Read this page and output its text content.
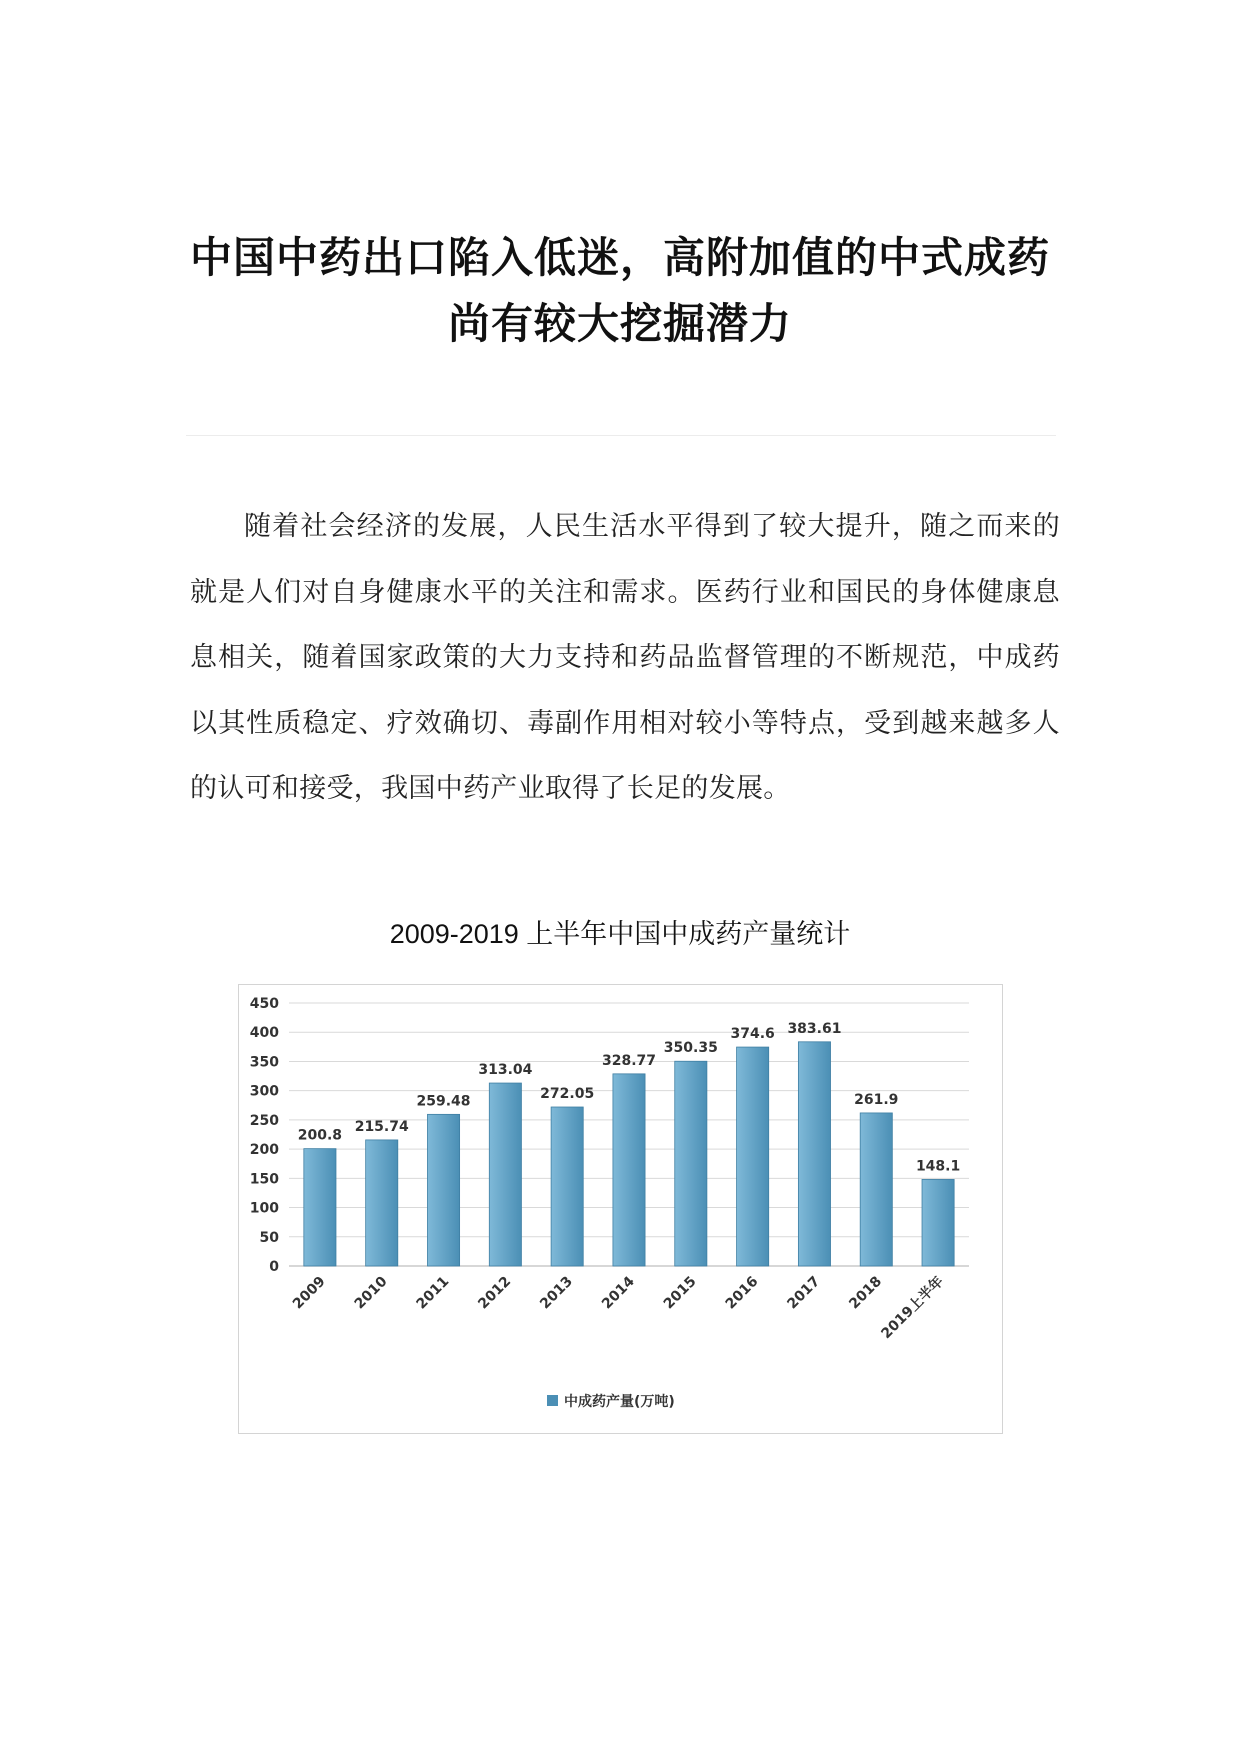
中国中药出口陷入低迷，高附加值的中式成药
尚有较大挖掘潜力

随着社会经济的发展，人民生活水平得到了较大提升，随之而来的就是人们对自身健康水平的关注和需求。医药行业和国民的身体健康息息相关，随着国家政策的大力支持和药品监督管理的不断规范，中成药以其性质稳定、疗效确切、毒副作用相对较小等特点，受到越来越多人的认可和接受，我国中药产业取得了长足的发展。

2009-2019 上半年中国中成药产量统计
0
50
100
150
200
250
300
350
400
450
200.8
215.74
259.48
313.04
272.05
328.77
350.35
374.6 383.61
261.9
148.1
2009 2010 2011 2012 2013 2014 2015 2016 2017 2018
2019上半年
中成药产量(万吨)
